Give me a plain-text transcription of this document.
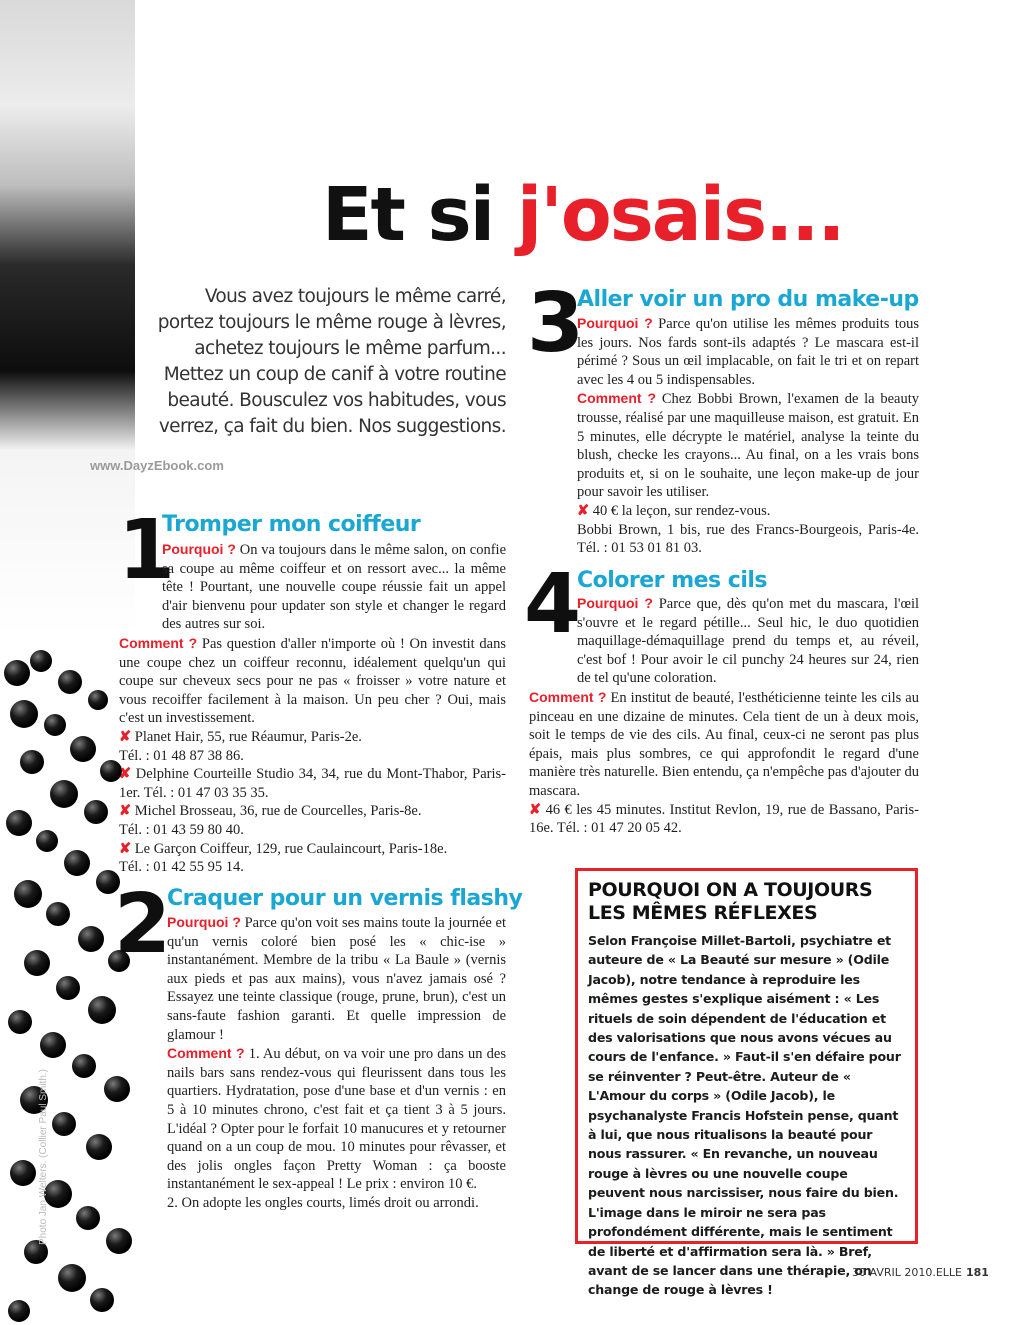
Photo Jan Welters. (Collier Paul Smith.)
www.DayzEbook.com
Et si j'osais...
Vous avez toujours le même carré, portez toujours le même rouge à lèvres, achetez toujours le même parfum... Mettez un coup de canif à votre routine beauté. Bousculez vos habitudes, vous verrez, ça fait du bien. Nos suggestions.
1
Tromper mon coiffeur

Pourquoi ? On va toujours dans le même salon, on confie sa coupe au même coiffeur et on ressort avec... la même tête ! Pourtant, une nouvelle coupe réussie fait un appel d'air bienvenu pour updater son style et changer le regard des autres sur soi.

Comment ? Pas question d'aller n'importe où ! On investit dans une coupe chez un coiffeur reconnu, idéalement quelqu'un qui coupe sur cheveux secs pour ne pas « froisser » votre nature et vous recoiffer facilement à la maison. Un peu cher ? Oui, mais c'est un investissement.

✘ Planet Hair, 55, rue Réaumur, Paris-2e.
Tél. : 01 48 87 38 86.

✘ Delphine Courteille Studio 34, 34, rue du Mont-Thabor, Paris-1er. Tél. : 01 47 03 35 35.

✘ Michel Brosseau, 36, rue de Courcelles, Paris-8e.
Tél. : 01 43 59 80 40.

✘ Le Garçon Coiffeur, 129, rue Caulaincourt, Paris-18e.
Tél. : 01 42 55 95 14.

2
Craquer pour un vernis flashy

Pourquoi ? Parce qu'on voit ses mains toute la journée et qu'un vernis coloré bien posé les « chic-ise » instantanément. Membre de la tribu « La Baule » (vernis aux pieds et pas aux mains), vous n'avez jamais osé ? Essayez une teinte classique (rouge, prune, brun), c'est un sans-faute fashion garanti. Et quelle impression de glamour !

Comment ? 1. Au début, on va voir une pro dans un des nails bars sans rendez-vous qui fleurissent dans tous les quartiers. Hydratation, pose d'une base et d'un vernis : en 5 à 10 minutes chrono, c'est fait et ça tient 3 à 5 jours. L'idéal ? Opter pour le forfait 10 manucures et y retourner quand on a un coup de mou. 10 minutes pour rêvasser, et des jolis ongles façon Pretty Woman : ça booste instantanément le sex-appeal ! Le prix : environ 10 €.

2. On adopte les ongles courts, limés droit ou arrondi.

3
Aller voir un pro du make-up

Pourquoi ? Parce qu'on utilise les mêmes produits tous les jours. Nos fards sont-ils adaptés ? Le mascara est-il périmé ? Sous un œil implacable, on fait le tri et on repart avec les 4 ou 5 indispensables.

Comment ? Chez Bobbi Brown, l'examen de la beauty trousse, réalisé par une maquilleuse maison, est gratuit. En 5 minutes, elle décrypte le matériel, analyse la teinte du blush, checke les crayons... Au final, on a les vrais bons produits et, si on le souhaite, une leçon make-up de jour pour savoir les utiliser.

✘ 40 € la leçon, sur rendez-vous.

Bobbi Brown, 1 bis, rue des Francs-Bourgeois, Paris-4e. Tél. : 01 53 01 81 03.

4
Colorer mes cils

Pourquoi ? Parce que, dès qu'on met du mascara, l'œil s'ouvre et le regard pétille... Seul hic, le duo quotidien maquillage-démaquillage prend du temps et, au réveil, c'est bof ! Pour avoir le cil punchy 24 heures sur 24, rien de tel qu'une coloration.

Comment ? En institut de beauté, l'esthéticienne teinte les cils au pinceau en une dizaine de minutes. Cela tient de un à deux mois, soit le temps de vie des cils. Au final, ceux-ci ne seront pas plus épais, mais plus sombres, ce qui approfondit le regard d'une manière très naturelle. Bien entendu, ça n'empêche pas d'ajouter du mascara.

✘ 46 € les 45 minutes. Institut Revlon, 19, rue de Bassano, Paris-16e. Tél. : 01 47 20 05 42.

POURQUOI ON A TOUJOURS LES MÊMES RÉFLEXES
Selon Françoise Millet-Bartoli, psychiatre et auteure de « La Beauté sur mesure » (Odile Jacob), notre tendance à reproduire les mêmes gestes s'explique aisément : « Les rituels de soin dépendent de l'éducation et des valorisations que nous avons vécues au cours de l'enfance. » Faut-il s'en défaire pour se réinventer ? Peut-être. Auteur de « L'Amour du corps » (Odile Jacob), le psychanalyste Francis Hofstein pense, quant à lui, que nous ritualisons la beauté pour nous rassurer. « En revanche, un nouveau rouge à lèvres ou une nouvelle coupe peuvent nous narcissiser, nous faire du bien. L'image dans le miroir ne sera pas profondément différente, mais le sentiment de liberté et d'affirmation sera là. » Bref, avant de se lancer dans une thérapie, on change de rouge à lèvres !
30 AVRIL 2010.ELLE 181
